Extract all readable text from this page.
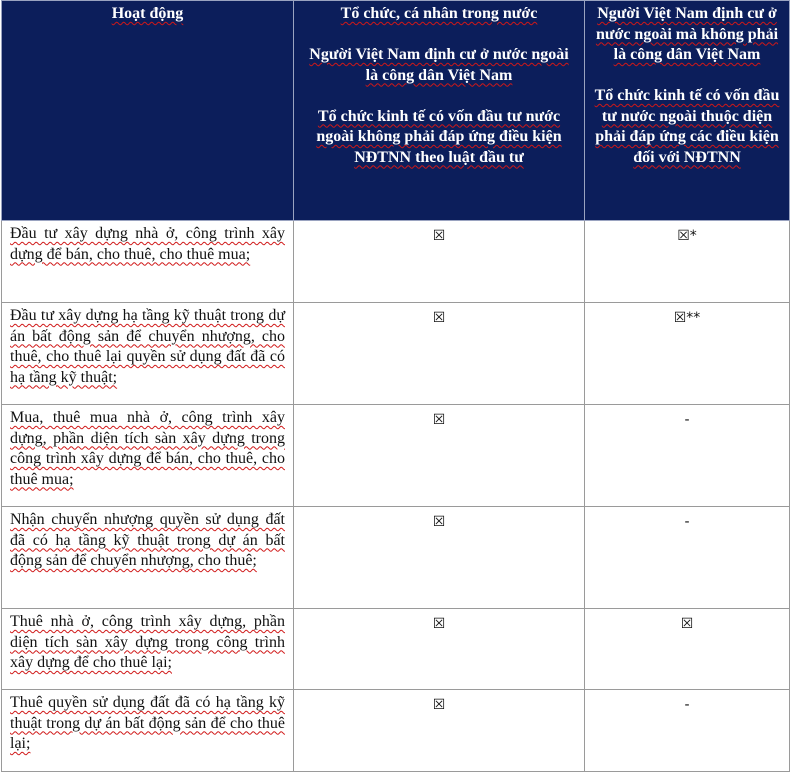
Hoạt động	Tổ chức, cá nhân trong nước
Người Việt Nam định cư ở nước ngoài là công dân Việt Nam
Tổ chức kinh tế có vốn đầu tư nước ngoài không phải đáp ứng điều kiện NĐTNN theo luật đầu tư	Người Việt Nam định cư ở nước ngoài mà không phải là công dân Việt Nam
Tổ chức kinh tế có vốn đầu tư nước ngoài thuộc diện phải đáp ứng các điều kiện đối với NĐTNN

Đầu tư xây dựng nhà ở, công trình xây dựng để bán, cho thuê, cho thuê mua;	☒	☒*
Đầu tư xây dựng hạ tầng kỹ thuật trong dự án bất động sản để chuyển nhượng, cho thuê, cho thuê lại quyền sử dụng đất đã có hạ tầng kỹ thuật;	☒	☒**
Mua, thuê mua nhà ở, công trình xây dựng, phần diện tích sàn xây dựng trong công trình xây dựng để bán, cho thuê, cho thuê mua;	☒	-
Nhận chuyển nhượng quyền sử dụng đất đã có hạ tầng kỹ thuật trong dự án bất động sản để chuyển nhượng, cho thuê;	☒	-
Thuê nhà ở, công trình xây dựng, phần diện tích sàn xây dựng trong công trình xây dựng để cho thuê lại;	☒	☒
Thuê quyền sử dụng đất đã có hạ tầng kỹ thuật trong dự án bất động sản để cho thuê lại;	☒	-
